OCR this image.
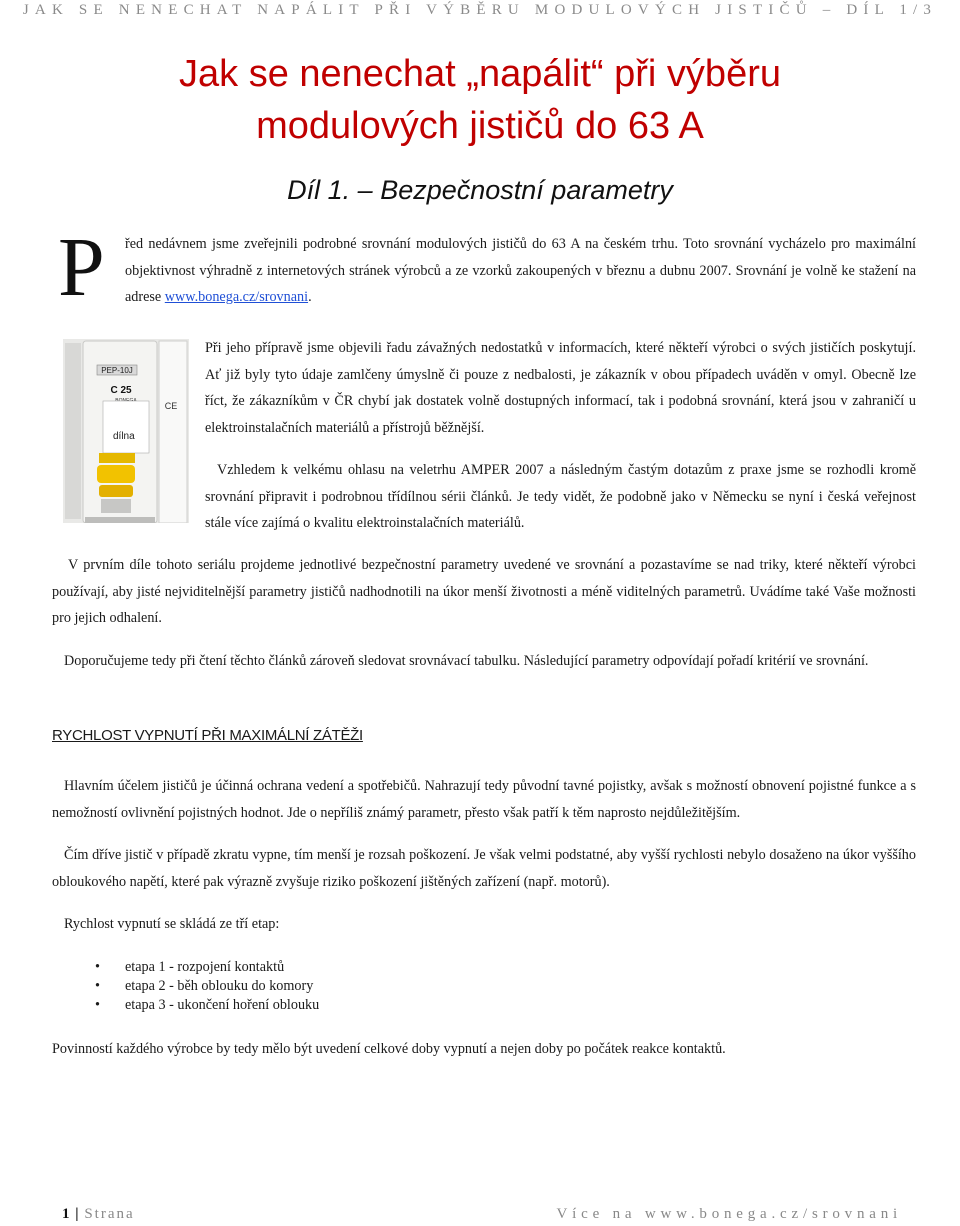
JAK SE NENECHAT NAPÁLIT PŘI VÝBĚRU MODULOVÝCH JISTIČŮ – DÍL 1/3
Jak se nenechat „napálit“ při výběru
modulových jističů do 63 A
Díl 1. – Bezpečnostní parametry
P řed nedávnem jsme zveřejnili podrobné srovnání modulových jističů do 63 A na českém trhu. Toto srovnání vycházelo pro maximální objektivnost výhradně z internetových stránek výrobců a ze vzorků zakoupených v březnu a dubnu 2007. Srovnání je volně ke stažení na adrese www.bonega.cz/srovnani.

PEP-10J
C 25
dílna
CE

Při jeho přípravě jsme objevili řadu závažných nedostatků v informacích, které někteří výrobci o svých jističích poskytují. Ať již byly tyto údaje zamlčeny úmyslně či pouze z nedbalosti, je zákazník v obou případech uváděn v omyl. Obecně lze říct, že zákazníkům v ČR chybí jak dostatek volně dostupných informací, tak i podobná srovnání, která jsou v zahraničí u elektroinstalačních materiálů a přístrojů běžnější.

Vzhledem k velkému ohlasu na veletrhu AMPER 2007 a následným častým dotazům z praxe jsme se rozhodli kromě srovnání připravit i podrobnou třídílnou sérii článků. Je tedy vidět, že podobně jako v Německu se nyní i česká veřejnost stále více zajímá o kvalitu elektroinstalačních materiálů.

V prvním díle tohoto seriálu projdeme jednotlivé bezpečnostní parametry uvedené ve srovnání a pozastavíme se nad triky, které někteří výrobci používají, aby jisté nejviditelnější parametry jističů nadhodnotili na úkor menší životnosti a méně viditelných parametrů. Uvádíme také Vaše možnosti pro jejich odhalení.

Doporučujeme tedy při čtení těchto článků zároveň sledovat srovnávací tabulku. Následující parametry odpovídají pořadí kritérií ve srovnání.

RYCHLOST VYPNUTÍ PŘI MAXIMÁLNÍ ZÁTĚŽI

Hlavním účelem jističů je účinná ochrana vedení a spotřebičů. Nahrazují tedy původní tavné pojistky, avšak s možností obnovení pojistné funkce a s nemožností ovlivnění pojistných hodnot. Jde o nepříliš známý parametr, přesto však patří k těm naprosto nejdůležitějším.

Čím dříve jistič v případě zkratu vypne, tím menší je rozsah poškození. Je však velmi podstatné, aby vyšší rychlosti nebylo dosaženo na úkor vyššího obloukového napětí, které pak výrazně zvyšuje riziko poškození jištěných zařízení (např. motorů).

Rychlost vypnutí se skládá ze tří etap:

• etapa 1 - rozpojení kontaktů
• etapa 2 - běh oblouku do komory
• etapa 3 - ukončení hoření oblouku

Povinností každého výrobce by tedy mělo být uvedení celkové doby vypnutí a nejen doby po počátek reakce kontaktů.

1 | Strana	Více na www.bonega.cz/srovnani
